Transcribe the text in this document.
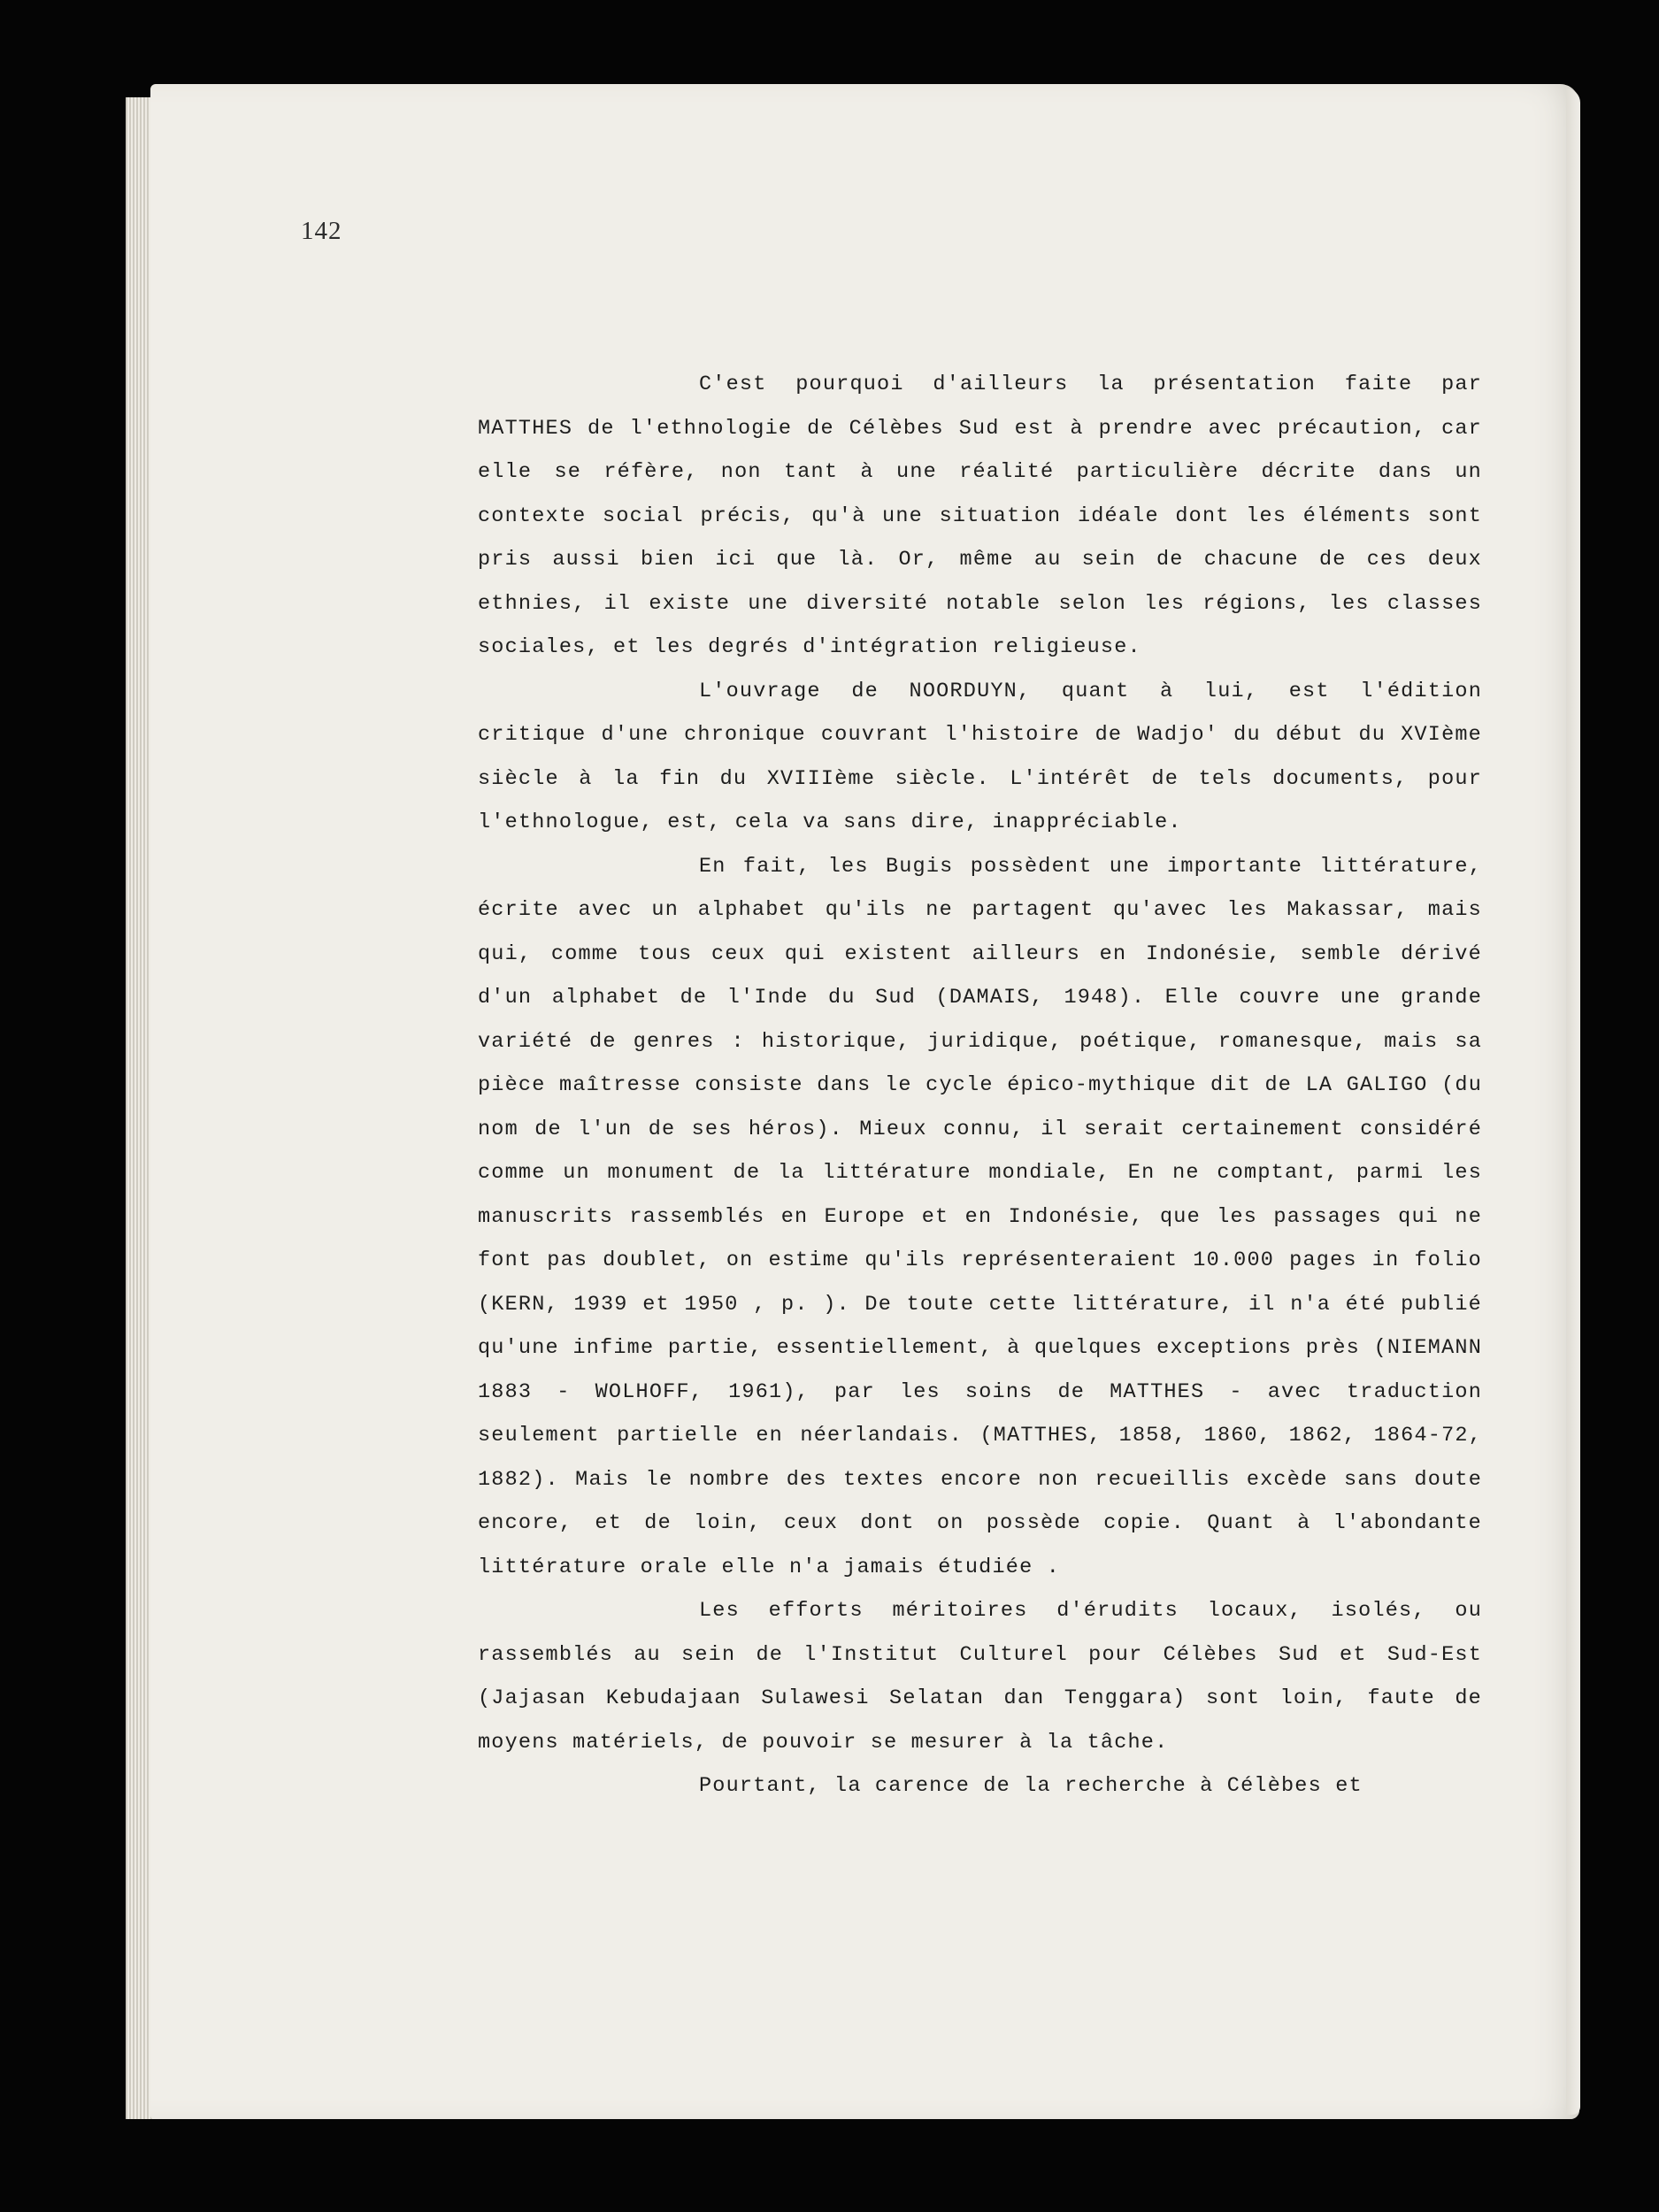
142

C'est pourquoi d'ailleurs la présentation faite par MATTHES de l'ethnologie de Célèbes Sud est à prendre avec précaution, car elle se réfère, non tant à une réalité particulière décrite dans un contexte social précis, qu'à une situation idéale dont les éléments sont pris aussi bien ici que là. Or, même au sein de chacune de ces deux ethnies, il existe une diversité notable selon les régions, les classes sociales, et les degrés d'intégration religieuse.

L'ouvrage de NOORDUYN, quant à lui, est l'édition critique d'une chronique couvrant l'histoire de Wadjo' du début du XVIème siècle à la fin du XVIIIème siècle. L'intérêt de tels documents, pour l'ethnologue, est, cela va sans dire, inappréciable.

En fait, les Bugis possèdent une importante littérature, écrite avec un alphabet qu'ils ne partagent qu'avec les Makassar, mais qui, comme tous ceux qui existent ailleurs en Indonésie, semble dérivé d'un alphabet de l'Inde du Sud (DAMAIS, 1948). Elle couvre une grande variété de genres : historique, juridique, poétique, romanesque, mais sa pièce maîtresse consiste dans le cycle épico-mythique dit de LA GALIGO (du nom de l'un de ses héros). Mieux connu, il serait certainement considéré comme un monument de la littérature mondiale, En ne comptant, parmi les manuscrits rassemblés en Europe et en Indonésie, que les passages qui ne font pas doublet, on estime qu'ils représenteraient 10.000 pages in folio (KERN, 1939 et 1950 , p. ). De toute cette littérature, il n'a été publié qu'une infime partie, essentiellement, à quelques exceptions près (NIEMANN 1883 - WOLHOFF, 1961), par les soins de MATTHES - avec traduction seulement partielle en néerlandais. (MATTHES, 1858, 1860, 1862, 1864-72, 1882). Mais le nombre des textes encore non recueillis excède sans doute encore, et de loin, ceux dont on possède copie. Quant à l'abondante littérature orale elle n'a jamais étudiée .

Les efforts méritoires d'érudits locaux, isolés, ou rassemblés au sein de l'Institut Culturel pour Célèbes Sud et Sud-Est (Jajasan Kebudajaan Sulawesi Selatan dan Tenggara) sont loin, faute de moyens matériels, de pouvoir se mesurer à la tâche.

Pourtant, la carence de la recherche à Célèbes et
